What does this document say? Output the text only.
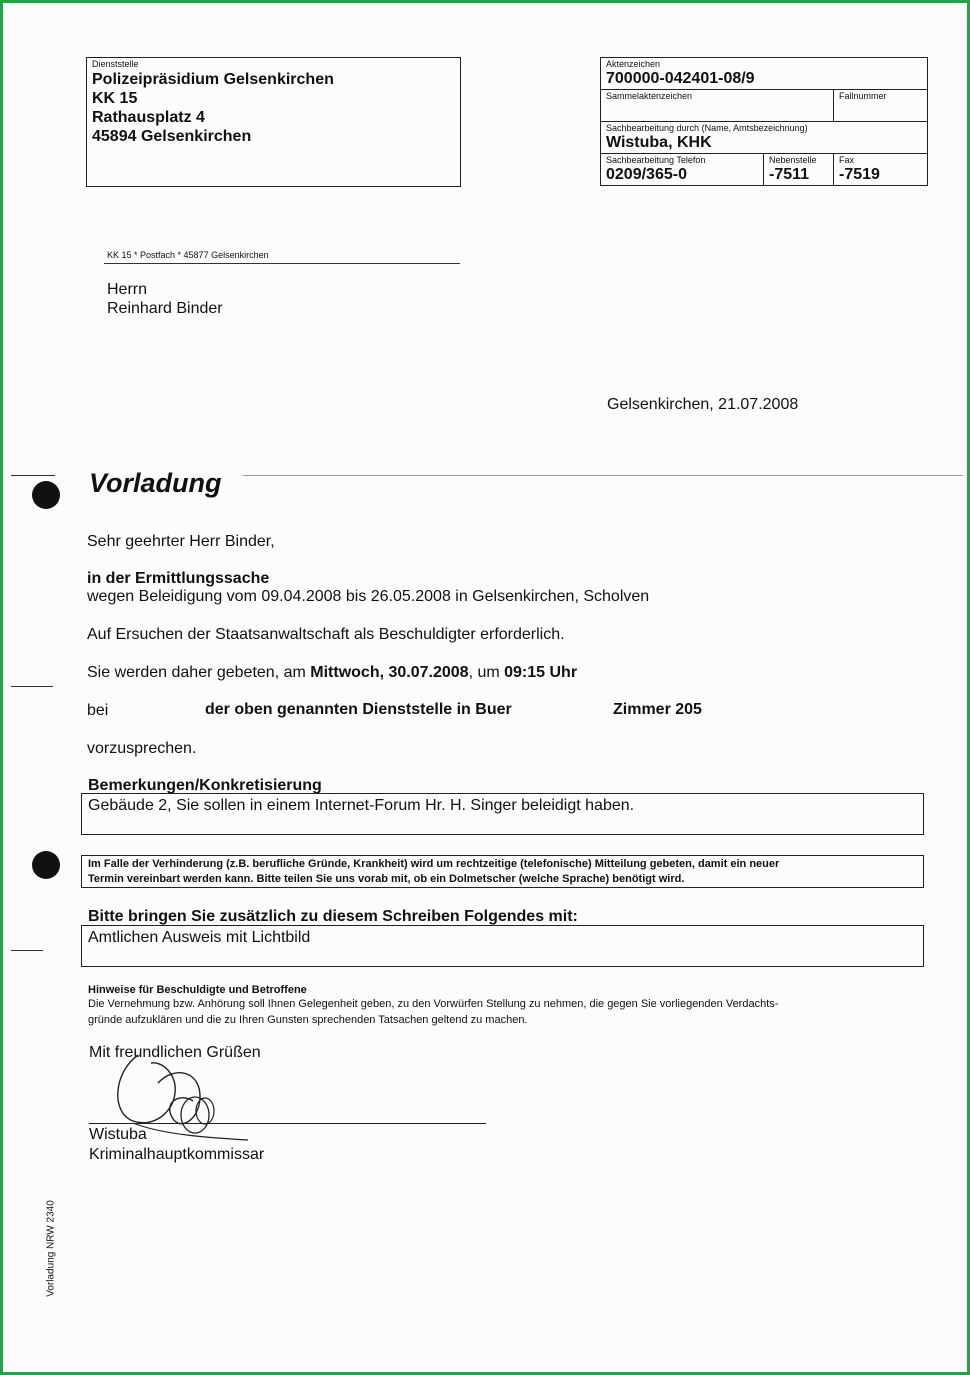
Dienststelle
Polizeipräsidium Gelsenkirchen
KK 15
Rathausplatz 4
45894 Gelsenkirchen
Aktenzeichen
700000-042401-08/9
Sammelaktenzeichen	Fallnummer
Sachbearbeitung durch (Name, Amtsbezeichnung)
Wistuba, KHK
Sachbearbeitung Telefon
0209/365-0
Nebenstelle
-7511
Fax
-7519
KK 15 * Postfach * 45877 Gelsenkirchen
Herrn
Reinhard Binder
Gelsenkirchen, 21.07.2008
Vorladung
Sehr geehrter Herr Binder,
in der Ermittlungssache
wegen Beleidigung vom 09.04.2008 bis 26.05.2008 in Gelsenkirchen, Scholven
Auf Ersuchen der Staatsanwaltschaft als Beschuldigter erforderlich.
Sie werden daher gebeten, am Mittwoch, 30.07.2008, um 09:15 Uhr
bei	der oben genannten Dienststelle in Buer	Zimmer 205
vorzusprechen.
Bemerkungen/Konkretisierung
Gebäude 2, Sie sollen in einem Internet-Forum Hr. H. Singer beleidigt haben.
Im Falle der Verhinderung (z.B. berufliche Gründe, Krankheit) wird um rechtzeitige (telefonische) Mitteilung gebeten, damit ein neuer
Termin vereinbart werden kann. Bitte teilen Sie uns vorab mit, ob ein Dolmetscher (welche Sprache) benötigt wird.
Bitte bringen Sie zusätzlich zu diesem Schreiben Folgendes mit:
Amtlichen Ausweis mit Lichtbild
Hinweise für Beschuldigte und Betroffene
Die Vernehmung bzw. Anhörung soll Ihnen Gelegenheit geben, zu den Vorwürfen Stellung zu nehmen, die gegen Sie vorliegenden Verdachts-
gründe aufzuklären und die zu Ihren Gunsten sprechenden Tatsachen geltend zu machen.
Mit freundlichen Grüßen
Wistuba
Kriminalhauptkommissar
Vorladung NRW 2340
